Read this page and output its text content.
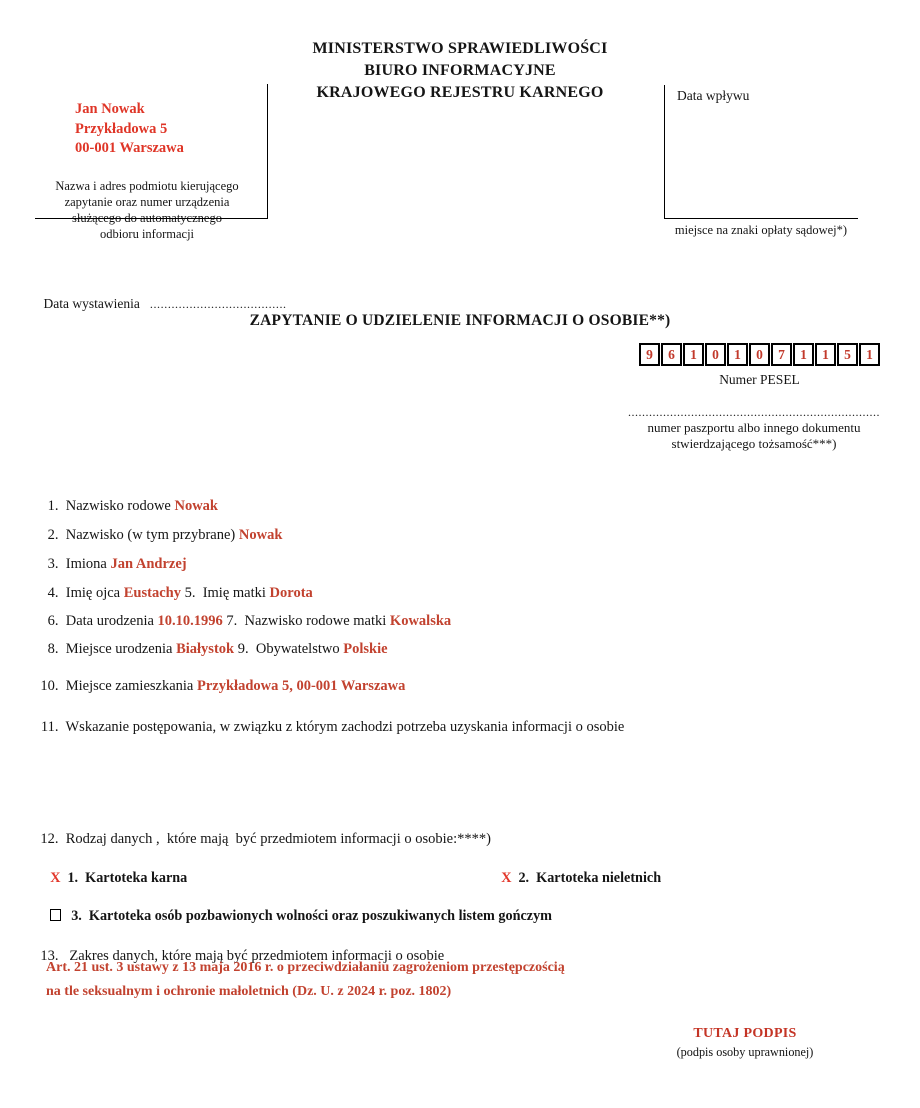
MINISTERSTWO SPRAWIEDLIWOŚCI
BIURO INFORMACYJNE
KRAJOWEGO REJESTRU KARNEGO
Jan Nowak
Przykładowa 5
00-001 Warszawa
Nazwa i adres podmiotu kierującego
zapytanie oraz numer urządzenia
służącego do automatycznego
odbioru informacji
Data wpływu
miejsce na znaki opłaty sądowej*)

Data wystawienia ......................................

ZAPYTANIE O UDZIELENIE INFORMACJI O OSOBIE**)
9	6	1	0	1	0	7	1	1	5	1
Numer PESEL
........................................................................
numer paszportu albo innego dokumentu
stwierdzającego tożsamość***)

1.  Nazwisko rodowe Nowak

2.  Nazwisko (w tym przybrane) Nowak

3.  Imiona Jan Andrzej

4.  Imię ojca Eustachy 5.  Imię matki Dorota

6.  Data urodzenia 10.10.1996 7.  Nazwisko rodowe matki Kowalska

8.  Miejsce urodzenia Białystok 9.  Obywatelstwo Polskie

10.  Miejsce zamieszkania Przykładowa 5, 00-001 Warszawa

11.  Wskazanie postępowania, w związku z którym zachodzi potrzeba uzyskania informacji o osobie

12.  Rodzaj danych ,  które mają  być przedmiotem informacji o osobie:****)

X 1.  Kartoteka karna
	X 2.  Kartoteka nieletnich

3.  Kartoteka osób pozbawionych wolności oraz poszukiwanych listem gończym

13.   Zakres danych, które mają być przedmiotem informacji o osobie

Art. 21 ust. 3 ustawy z 13 maja 2016 r. o przeciwdziałaniu zagrożeniom przestępczością
na tle seksualnym i ochronie małoletnich (Dz. U. z 2024 r. poz. 1802)
TUTAJ PODPIS
(podpis osoby uprawnionej)
